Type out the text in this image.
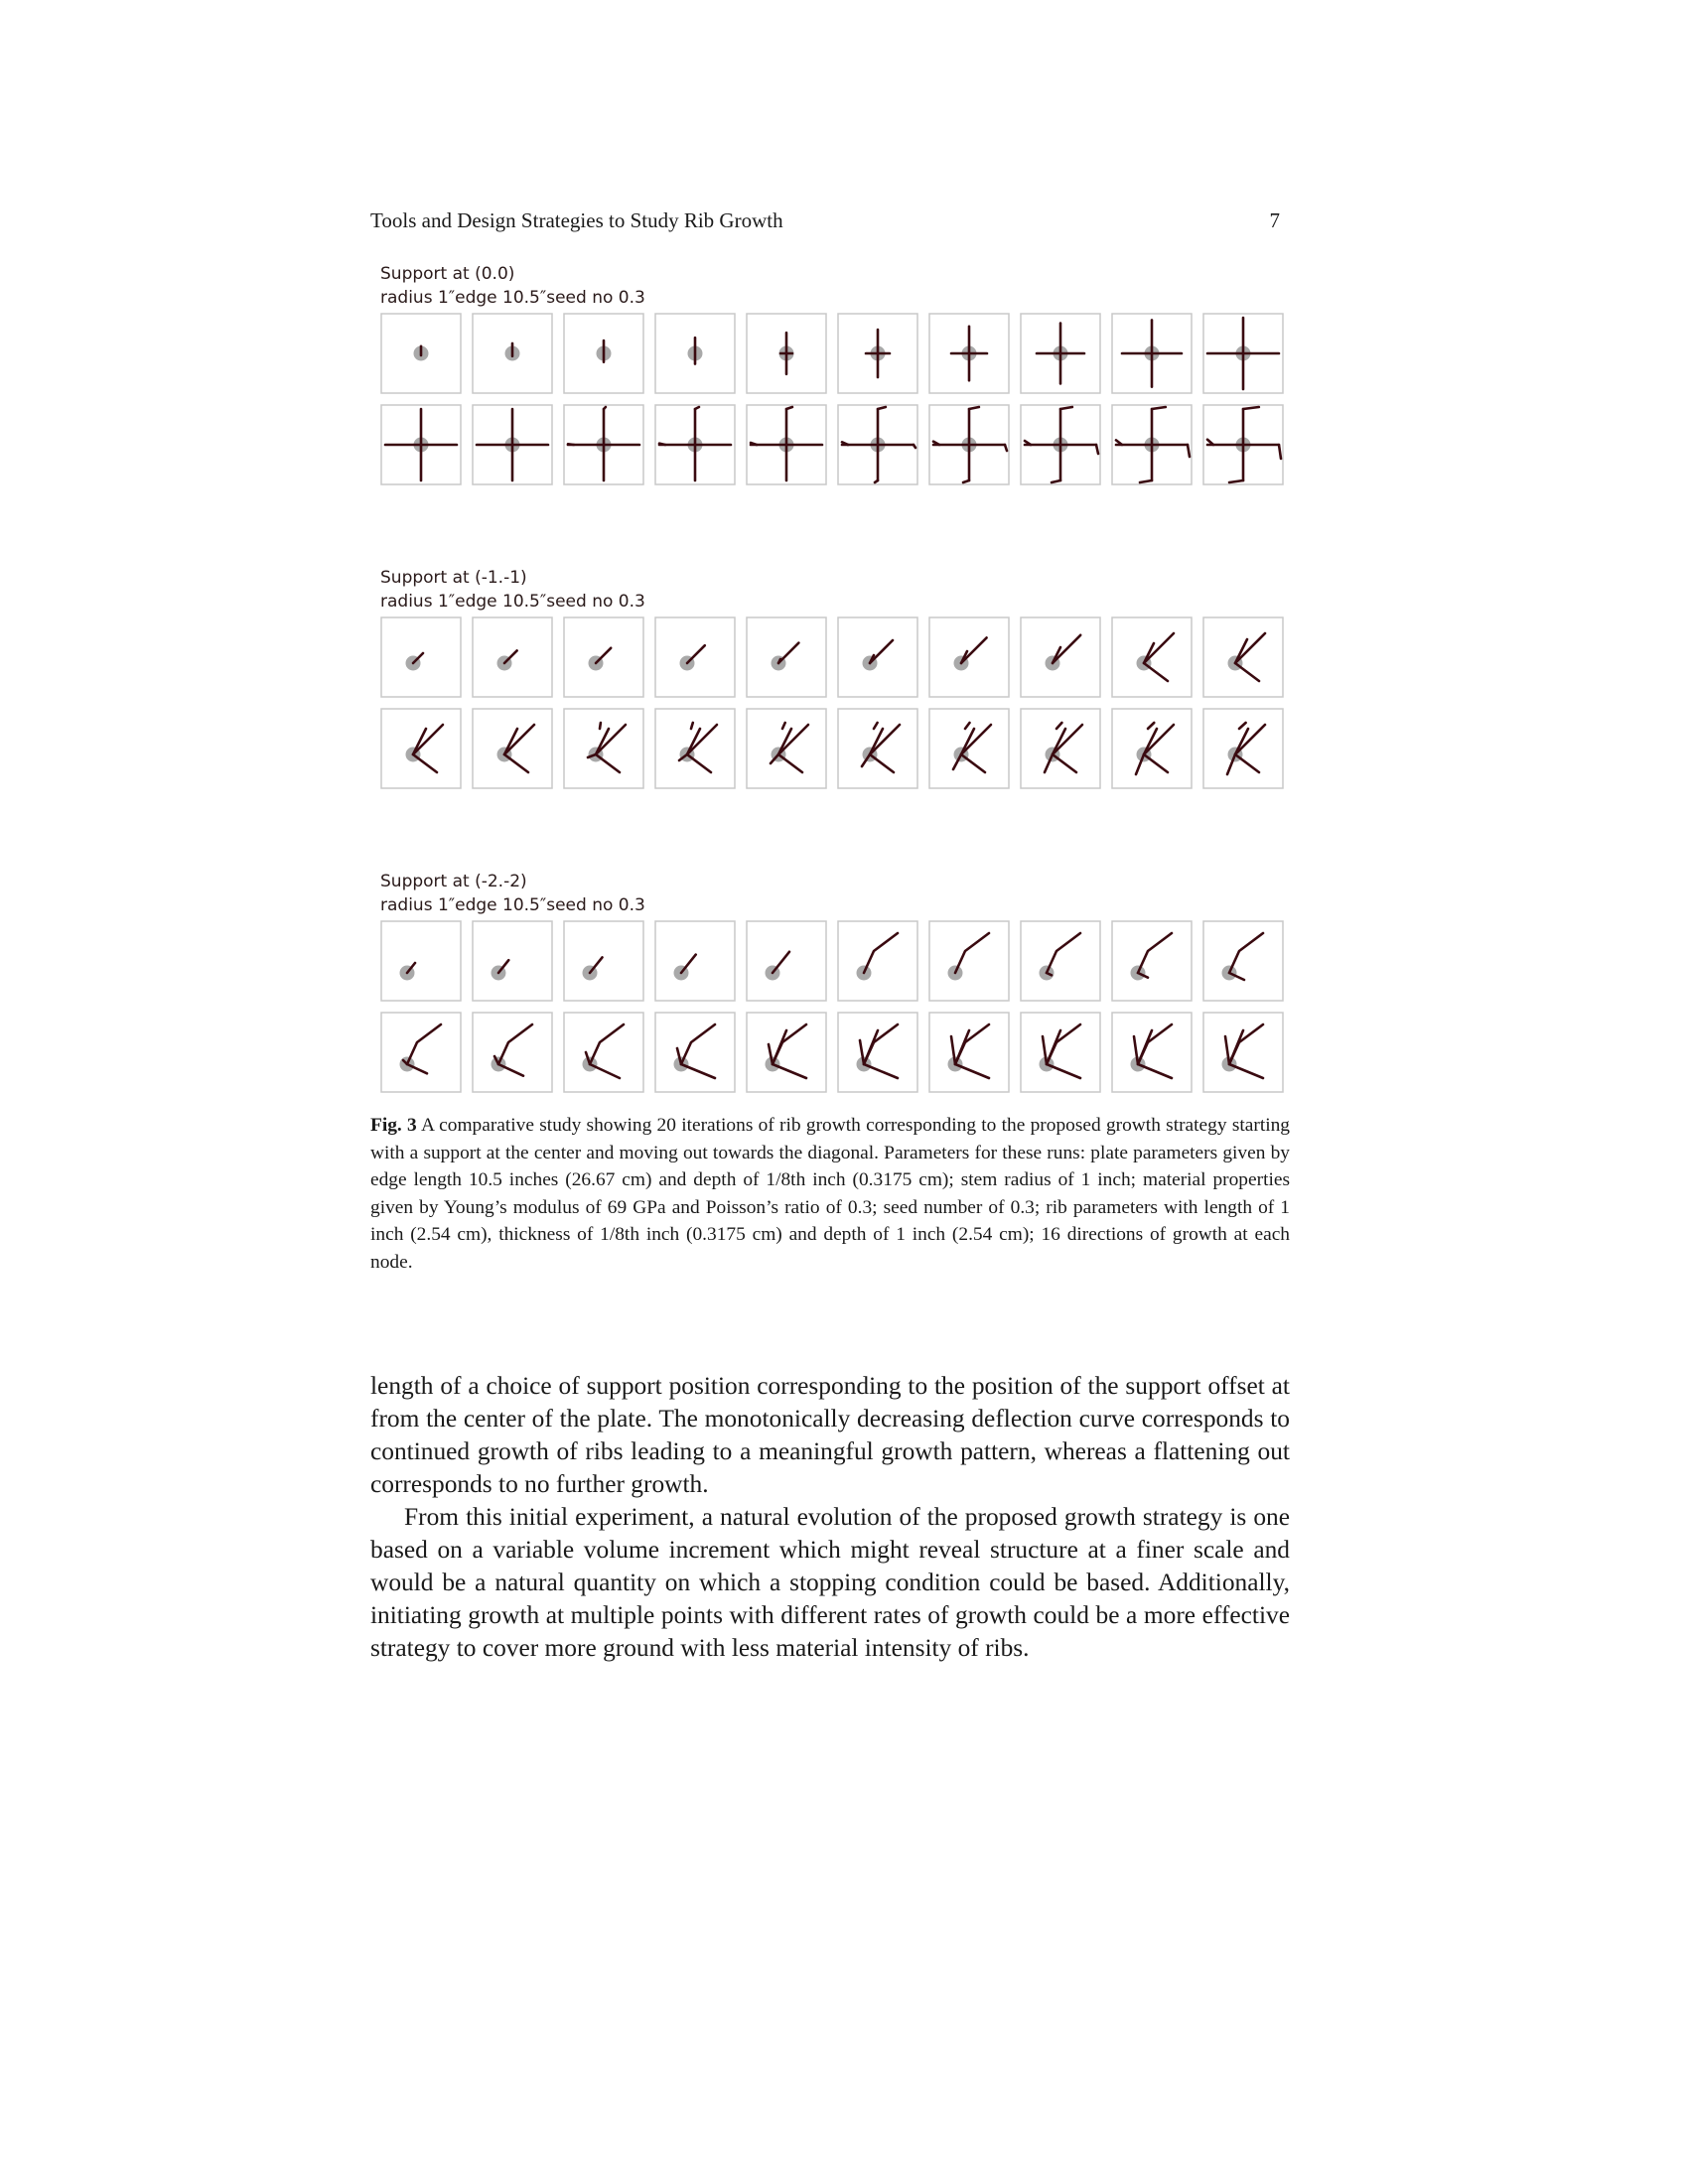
Tools and Design Strategies to Study Rib Growth	7
Support at (0.0)
radius 1″edge 10.5″seed no 0.3
Support at (-1.-1)
radius 1″edge 10.5″seed no 0.3
Support at (-2.-2)
radius 1″edge 10.5″seed no 0.3
Fig. 3 A comparative study showing 20 iterations of rib growth corresponding to the proposed growth strategy starting with a support at the center and moving out towards the diagonal. Parameters for these runs: plate parameters given by edge length 10.5 inches (26.67 cm) and depth of 1/8th inch (0.3175 cm); stem radius of 1 inch; material properties given by Young’s modulus of 69 GPa and Poisson’s ratio of 0.3; seed number of 0.3; rib parameters with length of 1 inch (2.54 cm), thickness of 1/8th inch (0.3175 cm) and depth of 1 inch (2.54 cm); 16 directions of growth at each node.

length of a choice of support position corresponding to the position of the support offset at from the center of the plate. The monotonically decreasing deflection curve corresponds to continued growth of ribs leading to a meaningful growth pattern, whereas a flattening out corresponds to no further growth.

From this initial experiment, a natural evolution of the proposed growth strategy is one based on a variable volume increment which might reveal structure at a finer scale and would be a natural quantity on which a stopping condition could be based. Additionally, initiating growth at multiple points with different rates of growth could be a more effective strategy to cover more ground with less material intensity of ribs.
